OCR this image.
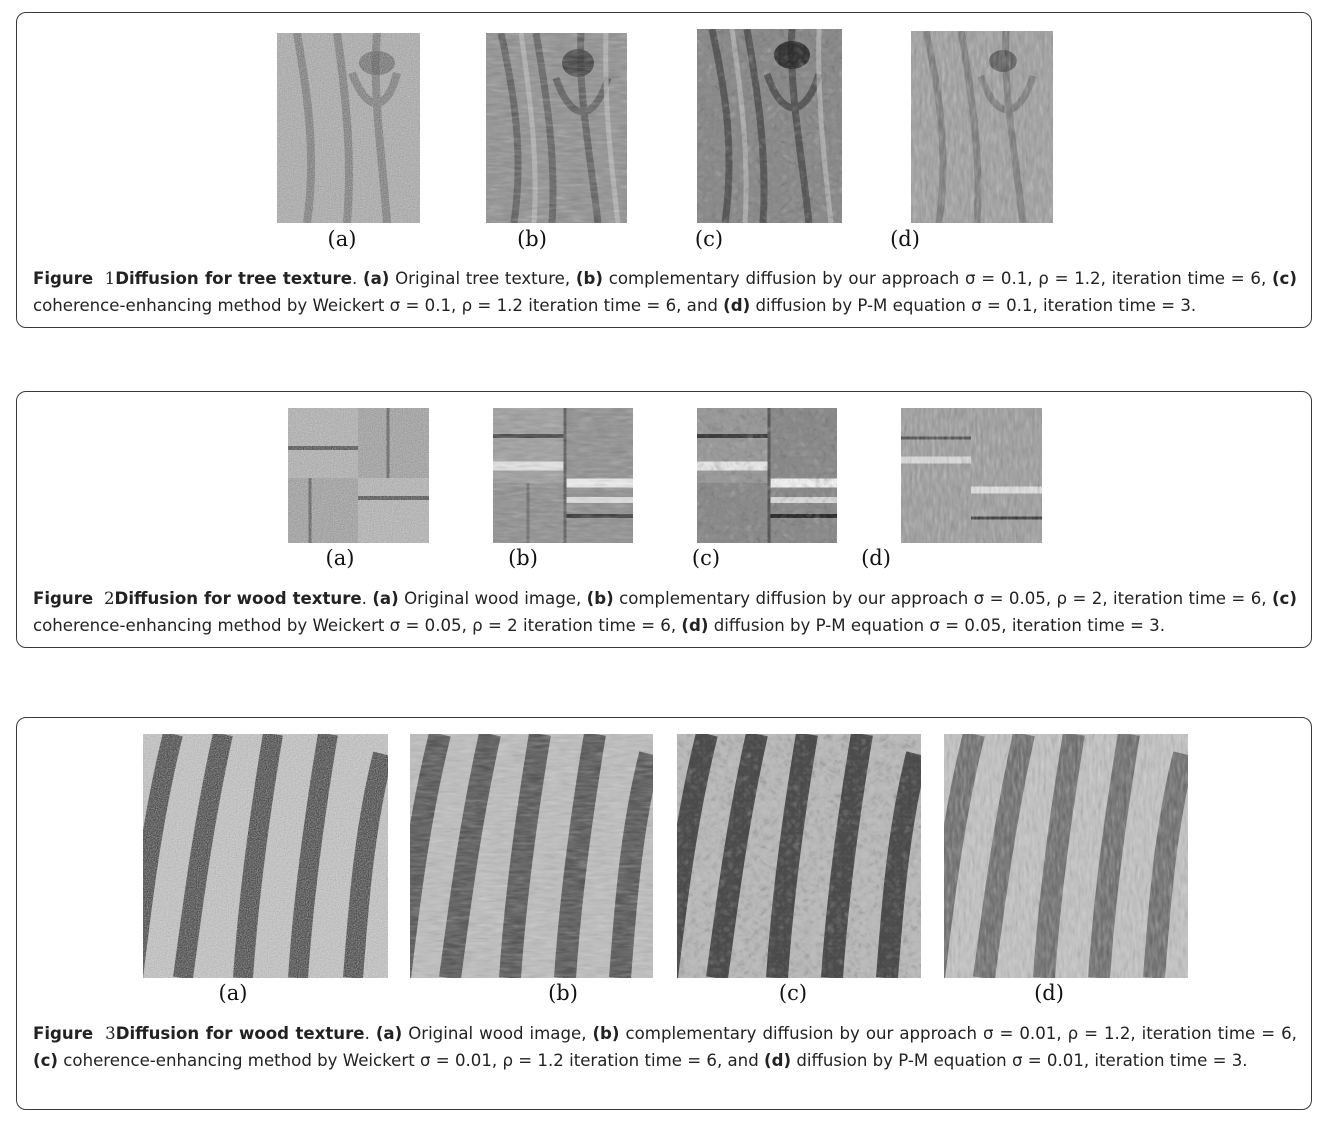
(a)	(b)	(c)	(d)
Figure 1Diffusion for tree texture. (a) Original tree texture, (b) complementary diffusion by our approach σ = 0.1, ρ = 1.2, iteration time = 6, (c) coherence-enhancing method by Weickert σ = 0.1, ρ = 1.2 iteration time = 6, and (d) diffusion by P-M equation σ = 0.1, iteration time = 3.
(a)	(b)	(c)	(d)
Figure 2Diffusion for wood texture. (a) Original wood image, (b) complementary diffusion by our approach σ = 0.05, ρ = 2, iteration time = 6, (c) coherence-enhancing method by Weickert σ = 0.05, ρ = 2 iteration time = 6, (d) diffusion by P-M equation σ = 0.05, iteration time = 3.
(a)	(b)	(c)	(d)
Figure 3Diffusion for wood texture. (a) Original wood image, (b) complementary diffusion by our approach σ = 0.01, ρ = 1.2, iteration time = 6, (c) coherence-enhancing method by Weickert σ = 0.01, ρ = 1.2 iteration time = 6, and (d) diffusion by P-M equation σ = 0.01, iteration time = 3.
